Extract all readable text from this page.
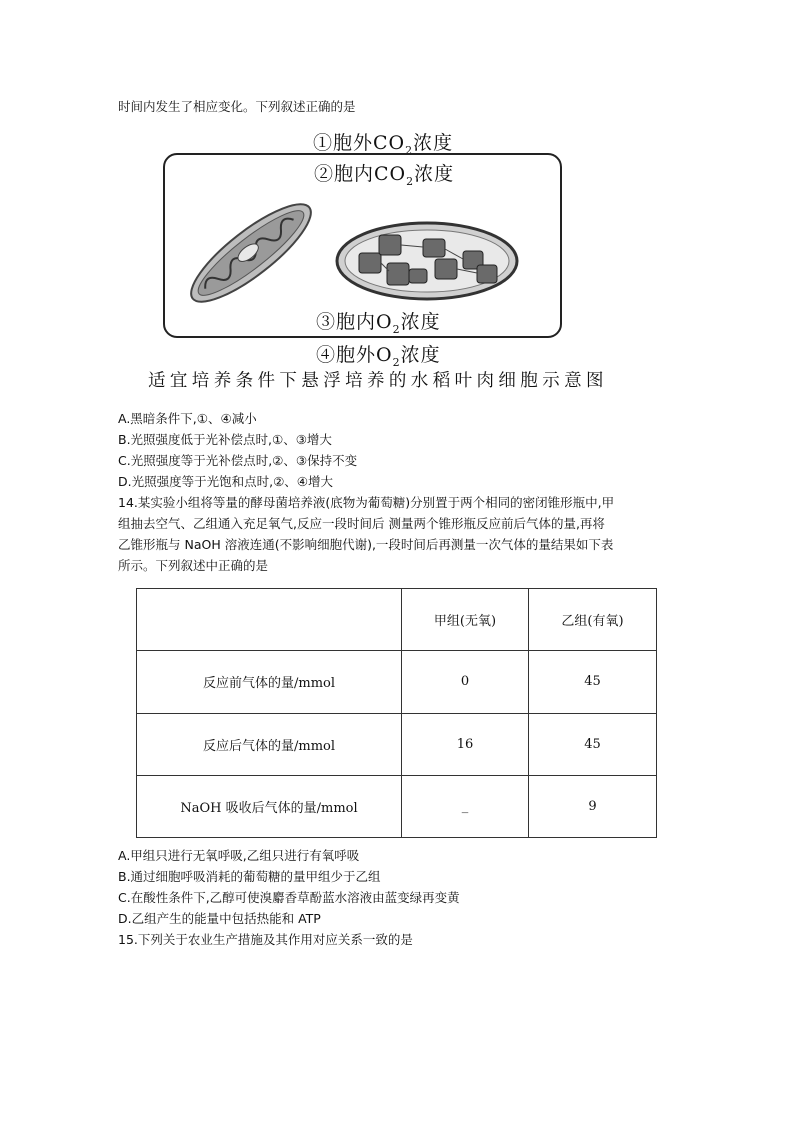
时间内发生了相应变化。下列叙述正确的是
①胞外$CO_2$浓度
②胞内$CO_2$浓度
③胞内$O_2$浓度
④胞外$O_2$浓度
适宜培养条件下悬浮培养的水稻叶肉细胞示意图
A.黑暗条件下,①、④减小
B.光照强度低于光补偿点时,①、③增大
C.光照强度等于光补偿点时,②、③保持不变
D.光照强度等于光饱和点时,②、④增大
14.某实验小组将等量的酵母菌培养液(底物为葡萄糖)分别置于两个相同的密闭锥形瓶中,甲
组抽去空气、乙组通入充足氧气,反应一段时间后 测量两个锥形瓶反应前后气体的量,再将
乙锥形瓶与 NaOH 溶液连通(不影响细胞代谢),一段时间后再测量一次气体的量结果如下表
所示。下列叙述中正确的是
	甲组(无氧)	乙组(有氧)
反应前气体的量/mmol	0	45
反应后气体的量/mmol	16	45
NaOH 吸收后气体的量/mmol	_	9
A.甲组只进行无氧呼吸,乙组只进行有氧呼吸
B.通过细胞呼吸消耗的葡萄糖的量甲组少于乙组
C.在酸性条件下,乙醇可使溴麝香草酚蓝水溶液由蓝变绿再变黄
D.乙组产生的能量中包括热能和 ATP
15.下列关于农业生产措施及其作用对应关系一致的是
